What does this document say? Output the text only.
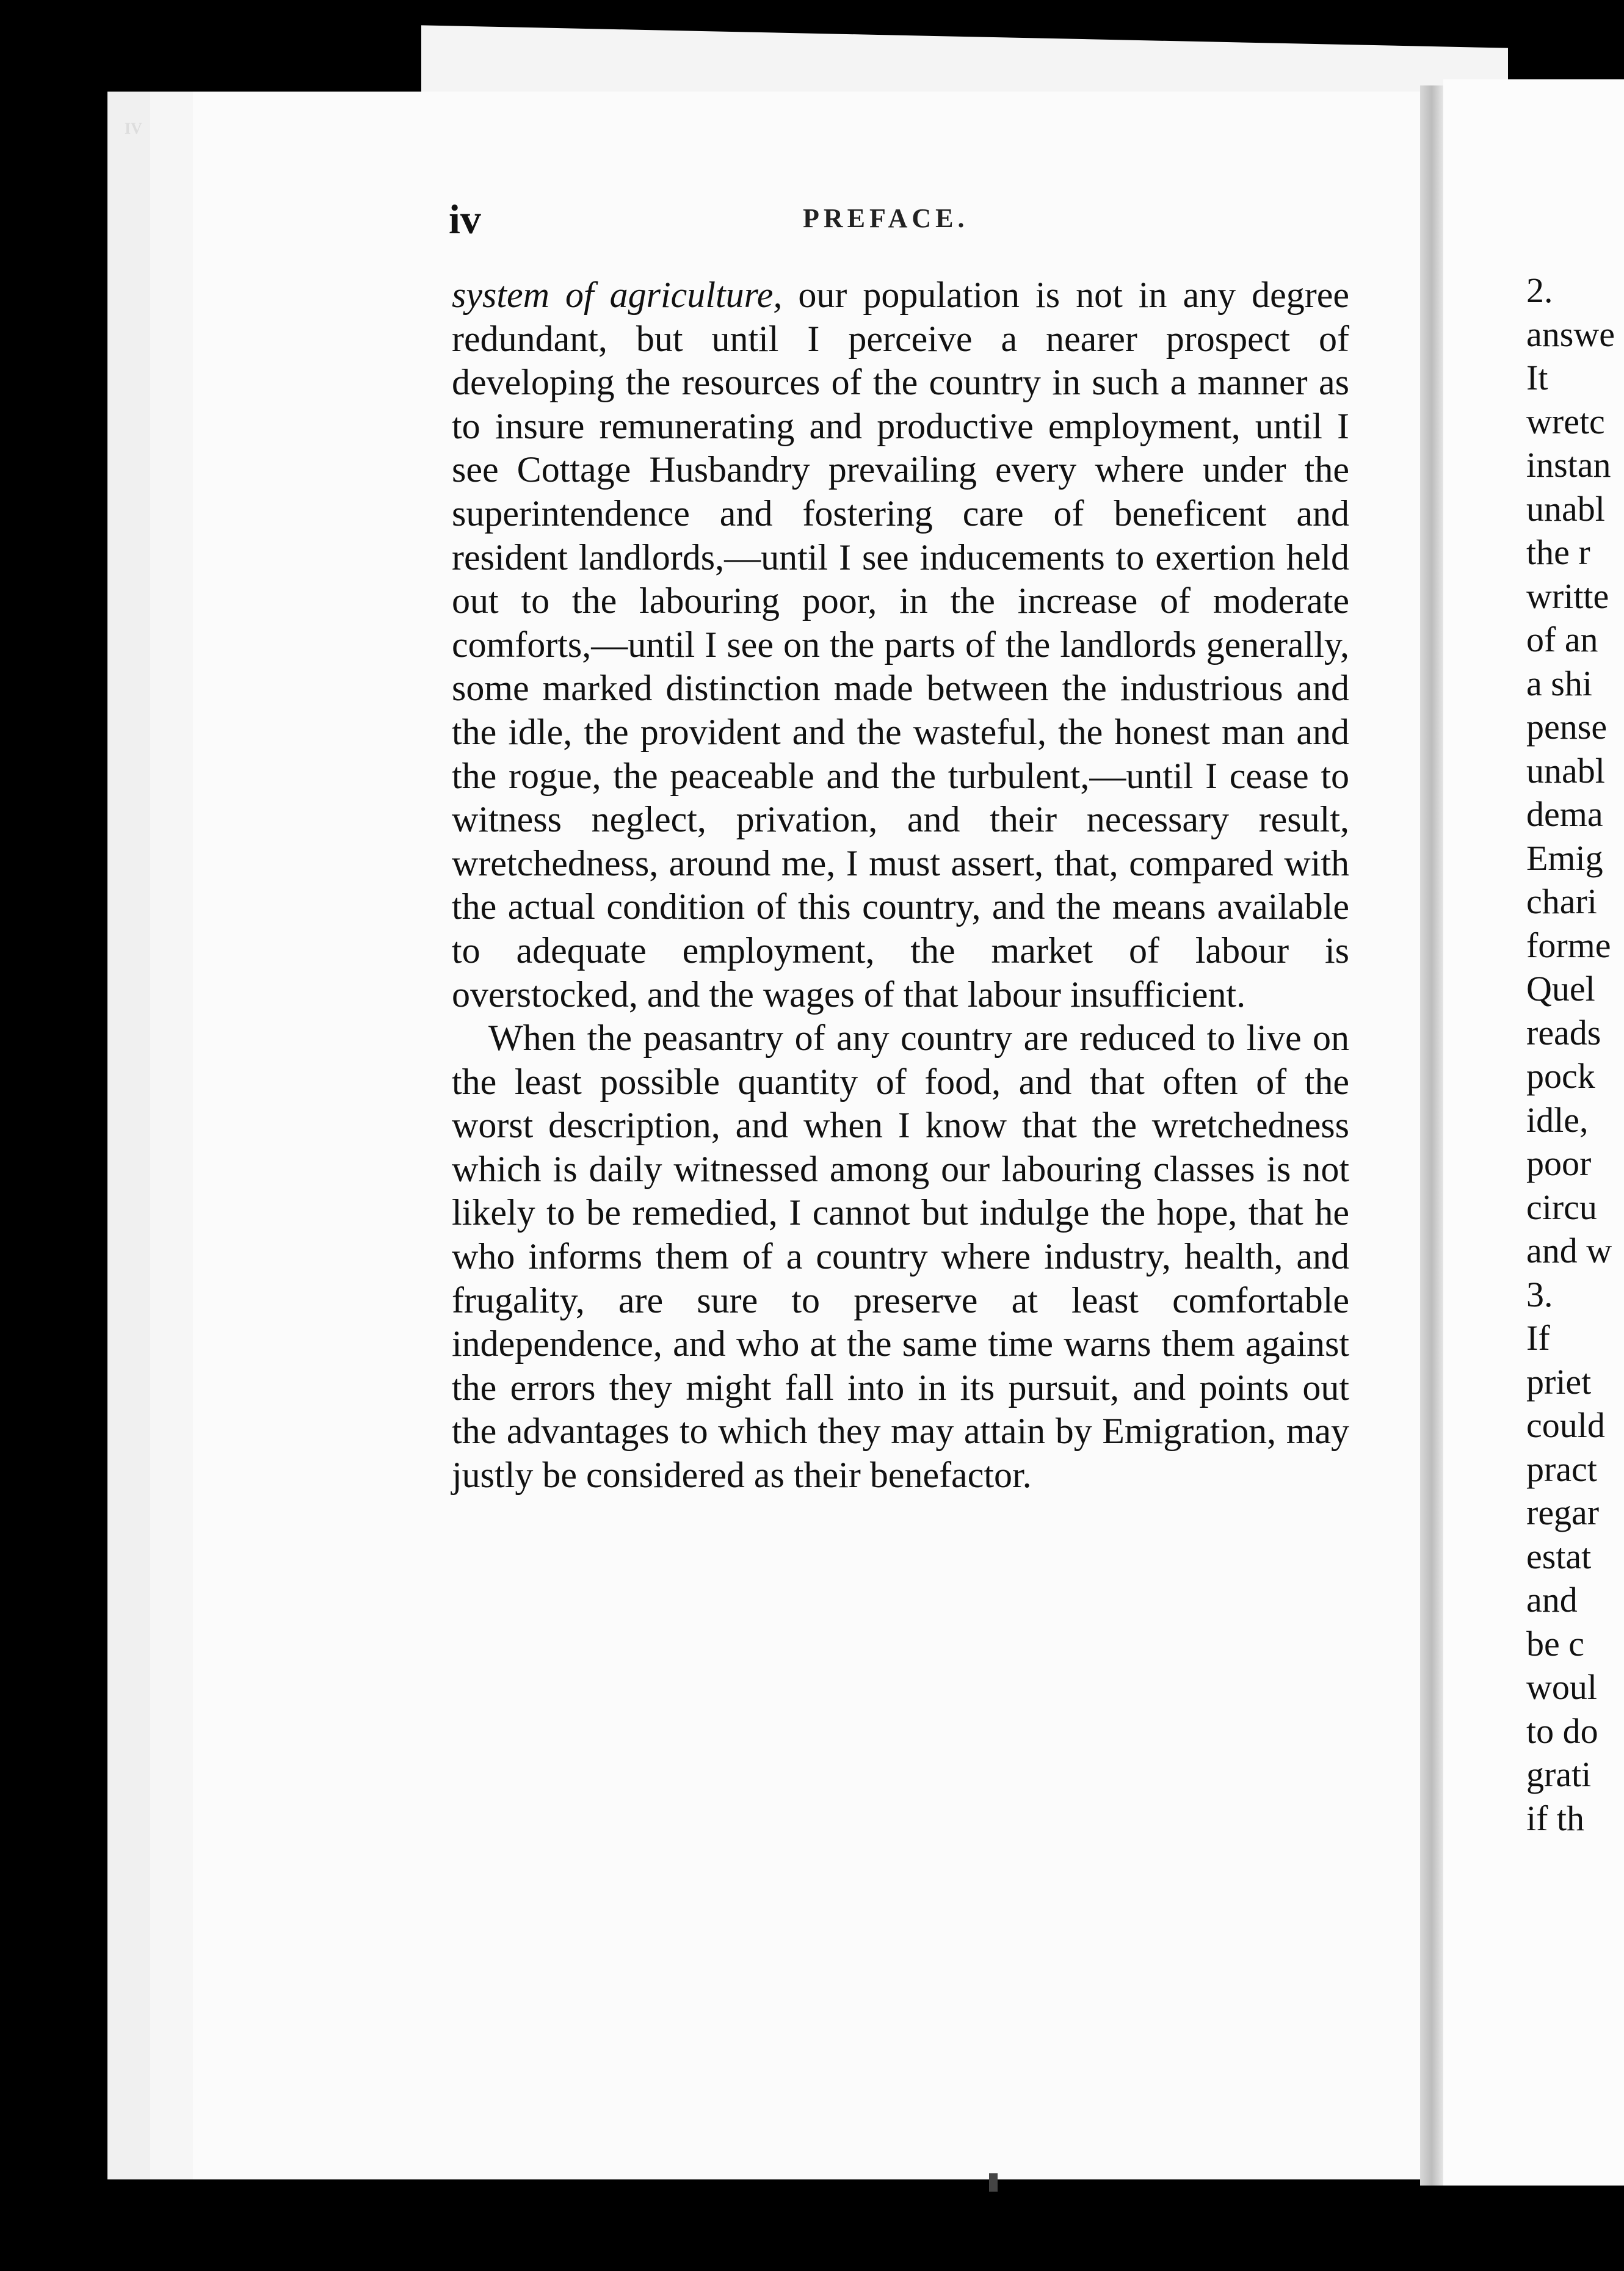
IV
iv	PREFACE.

system of agriculture, our population is not in any degree redundant, but until I perceive a nearer prospect of developing the resources of the country in such a manner as to insure remunerating and productive employment, until I see Cottage Husbandry prevailing every where under the superintendence and fostering care of beneficent and resident landlords,—until I see inducements to exertion held out to the labouring poor, in the increase of moderate comforts,—until I see on the parts of the landlords generally, some marked distinction made between the industrious and the idle, the provident and the wasteful, the honest man and the rogue, the peaceable and the turbulent,—until I cease to witness neglect, privation, and their necessary result, wretchedness, around me, I must assert, that, compared with the actual condition of this country, and the means available to adequate employment, the market of labour is overstocked, and the wages of that labour insufficient.

When the peasantry of any country are reduced to live on the least possible quantity of food, and that often of the worst description, and when I know that the wretchedness which is daily witnessed among our labouring classes is not likely to be remedied, I cannot but indulge the hope, that he who informs them of a country where industry, health, and frugality, are sure to preserve at least comfortable independence, and who at the same time warns them against the errors they might fall into in its pursuit, and points out the advantages to which they may attain by Emigration, may justly be considered as their benefactor.

2.
answe
It
wretc
instan
unabl
the r
writte
of an
a shi
pense
unabl
dema
Emig
chari
forme
Quel
reads
pock
idle,
poor
circu
and w
3.
If
priet
could
pract
regar
estat
and
be c
woul
to do
grati
if th
